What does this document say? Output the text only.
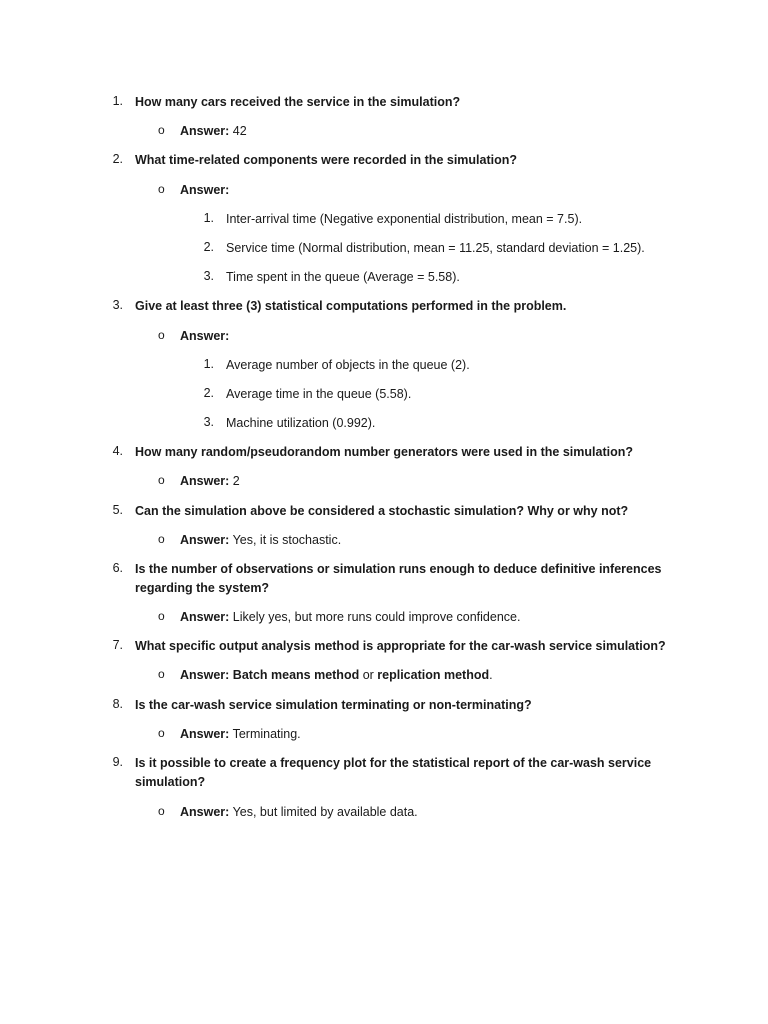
1. How many cars received the service in the simulation?
o Answer: 42
2. What time-related components were recorded in the simulation?
o Answer:
1. Inter-arrival time (Negative exponential distribution, mean = 7.5).
2. Service time (Normal distribution, mean = 11.25, standard deviation = 1.25).
3. Time spent in the queue (Average = 5.58).
3. Give at least three (3) statistical computations performed in the problem.
o Answer:
1. Average number of objects in the queue (2).
2. Average time in the queue (5.58).
3. Machine utilization (0.992).
4. How many random/pseudorandom number generators were used in the simulation?
o Answer: 2
5. Can the simulation above be considered a stochastic simulation? Why or why not?
o Answer: Yes, it is stochastic.
6. Is the number of observations or simulation runs enough to deduce definitive inferences
regarding the system?
o Answer: Likely yes, but more runs could improve confidence.
7. What specific output analysis method is appropriate for the car-wash service simulation?
o Answer: Batch means method or replication method.
8. Is the car-wash service simulation terminating or non-terminating?
o Answer: Terminating.
9. Is it possible to create a frequency plot for the statistical report of the car-wash service
simulation?
o Answer: Yes, but limited by available data.
